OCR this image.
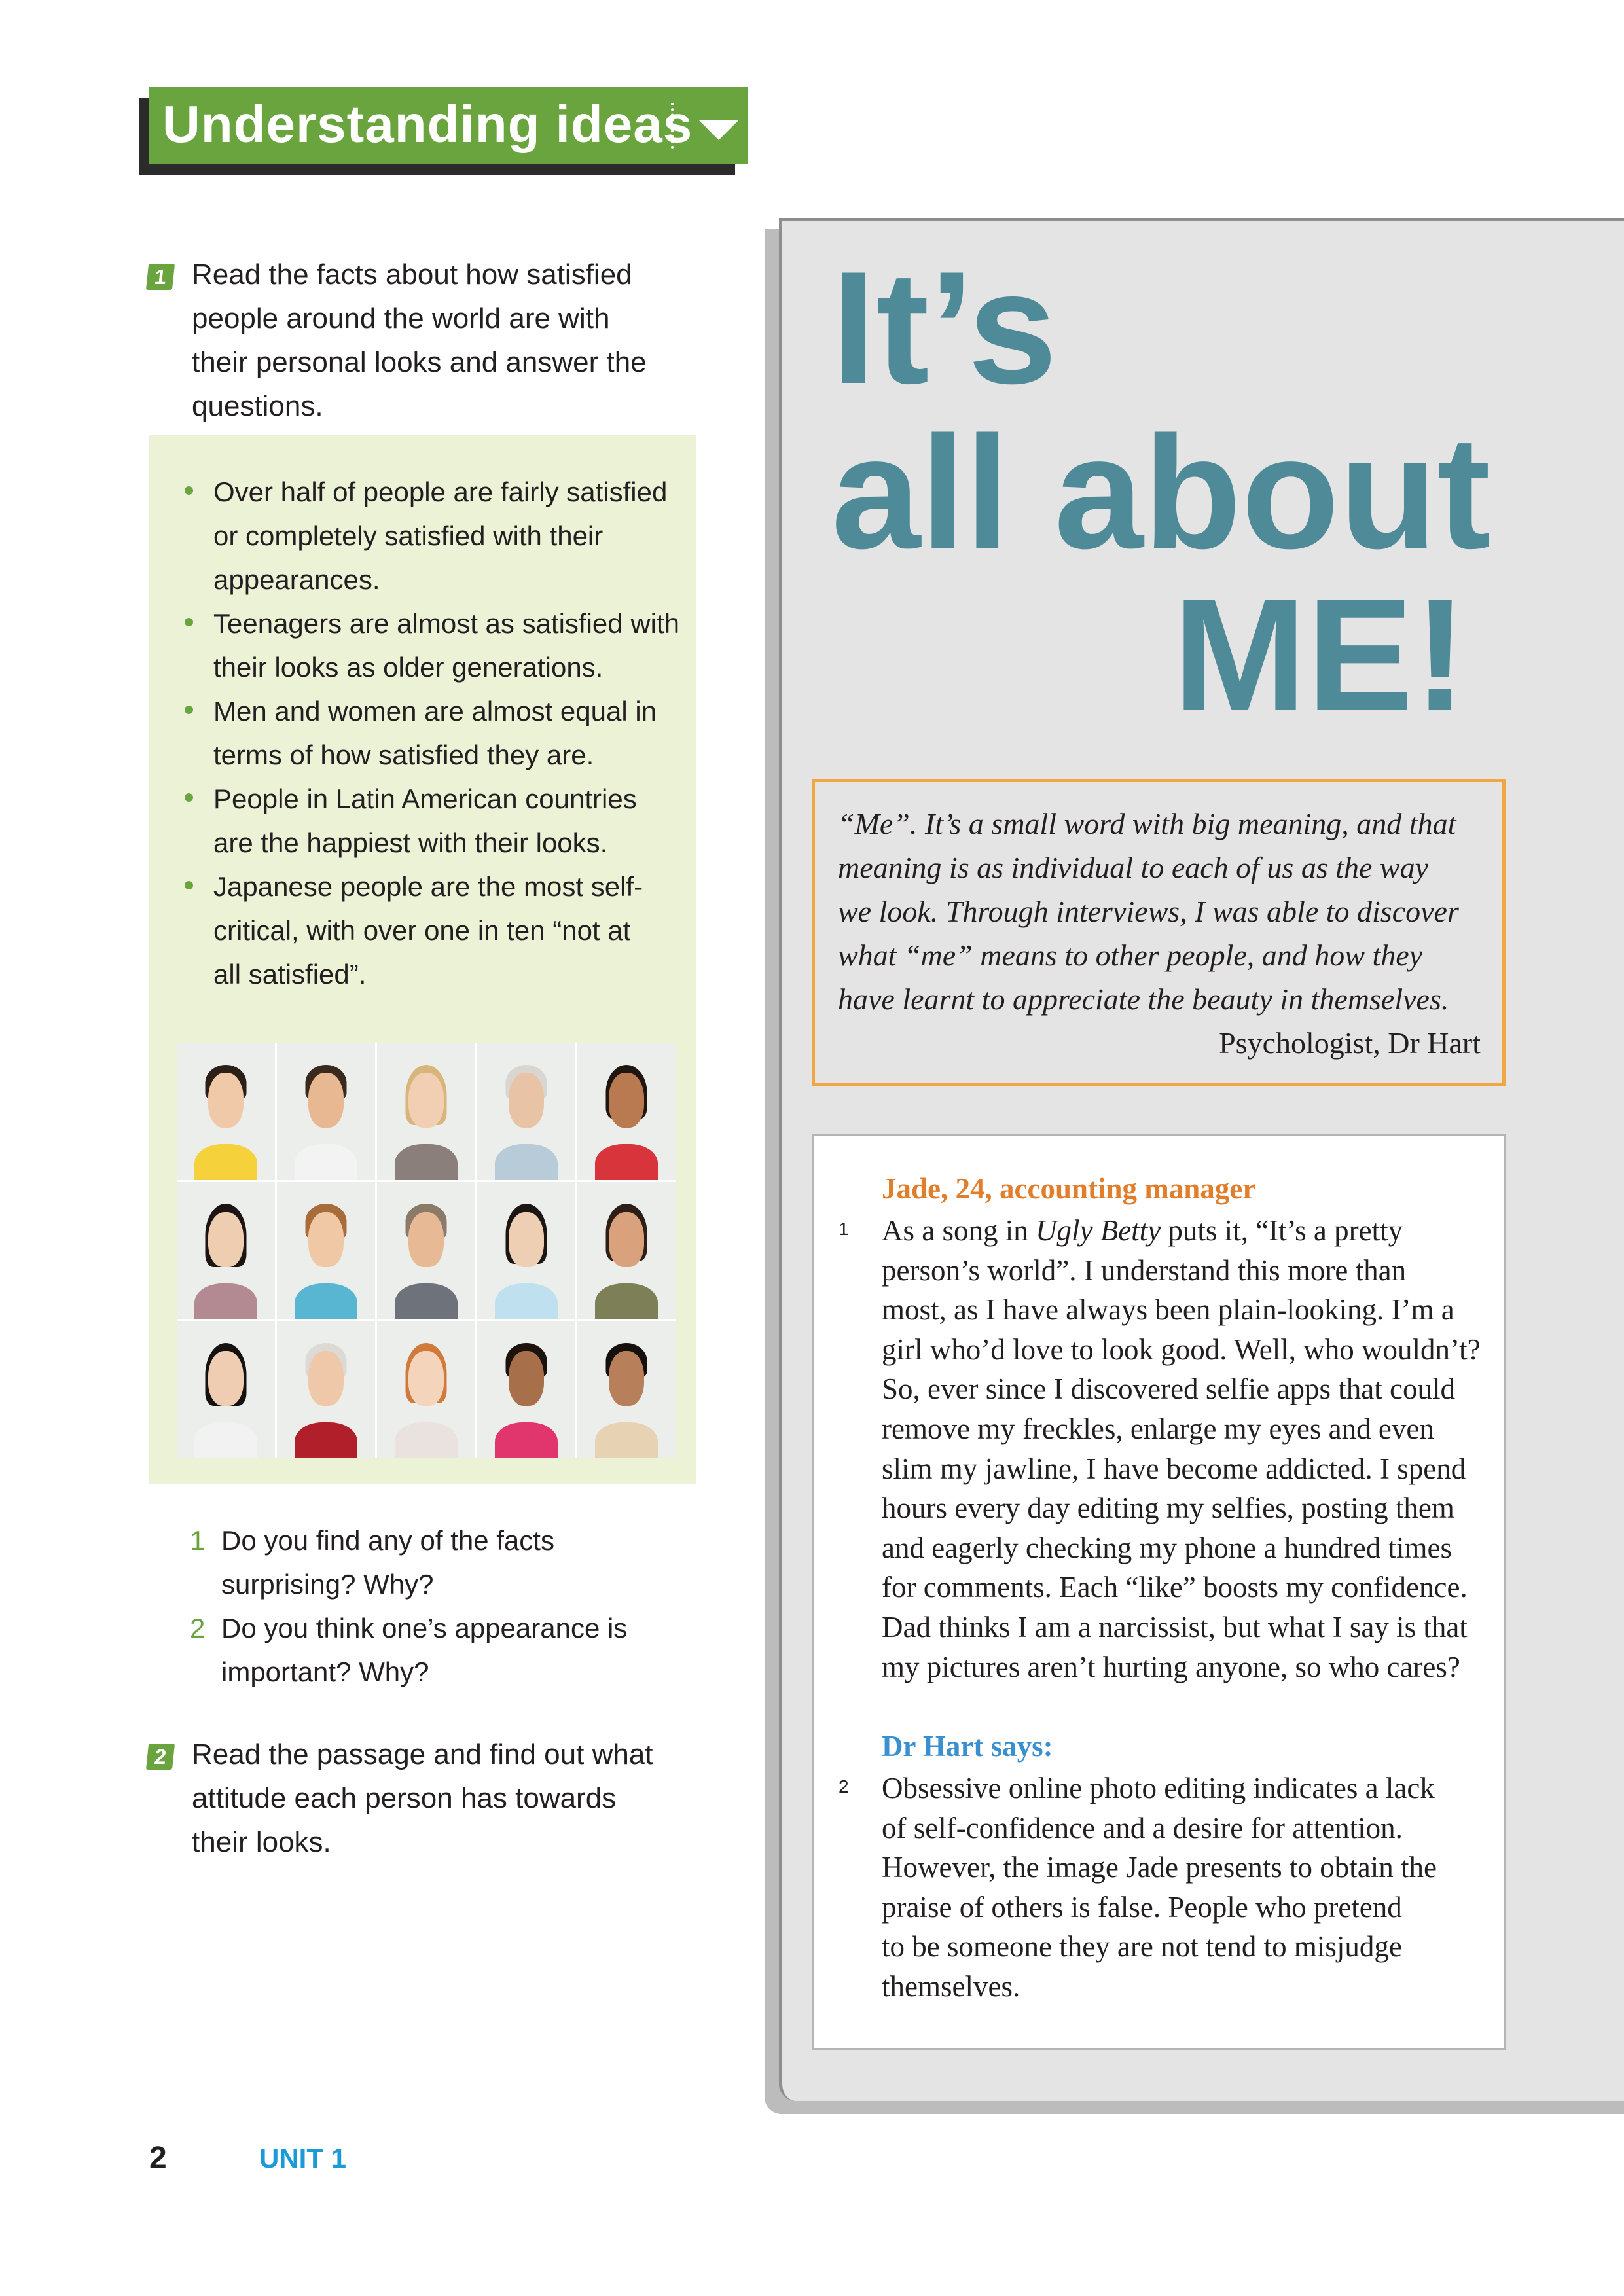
Understanding ideas
1 Read the facts about how satisfied
people around the world are with
their personal looks and answer the
questions.
Over half of people are fairly satisfied
or completely satisfied with their
appearances.
Teenagers are almost as satisfied with
their looks as older generations.
Men and women are almost equal in
terms of how satisfied they are.
People in Latin American countries
are the happiest with their looks.
Japanese people are the most self-
critical, with over one in ten “not at
all satisfied”.
1 Do you find any of the facts
surprising? Why?
2 Do you think one’s appearance is
important? Why?
2 Read the passage and find out what
attitude each person has towards
their looks.
It’s
all about
ME!
“Me”. It’s a small word with big meaning, and that
meaning is as individual to each of us as the way
we look. Through interviews, I was able to discover
what “me” means to other people, and how they
have learnt to appreciate the beauty in themselves.
Psychologist, Dr Hart
Jade, 24, accounting manager
1 As a song in Ugly Betty puts it, “It’s a pretty
person’s world”. I understand this more than
most, as I have always been plain-looking. I’m a
girl who’d love to look good. Well, who wouldn’t?
So, ever since I discovered selfie apps that could
remove my freckles, enlarge my eyes and even
slim my jawline, I have become addicted. I spend
hours every day editing my selfies, posting them
and eagerly checking my phone a hundred times
for comments. Each “like” boosts my confidence.
Dad thinks I am a narcissist, but what I say is that
my pictures aren’t hurting anyone, so who cares?
Dr Hart says:
2 Obsessive online photo editing indicates a lack
of self-confidence and a desire for attention.
However, the image Jade presents to obtain the
praise of others is false. People who pretend
to be someone they are not tend to misjudge
themselves.
2	UNIT 1
